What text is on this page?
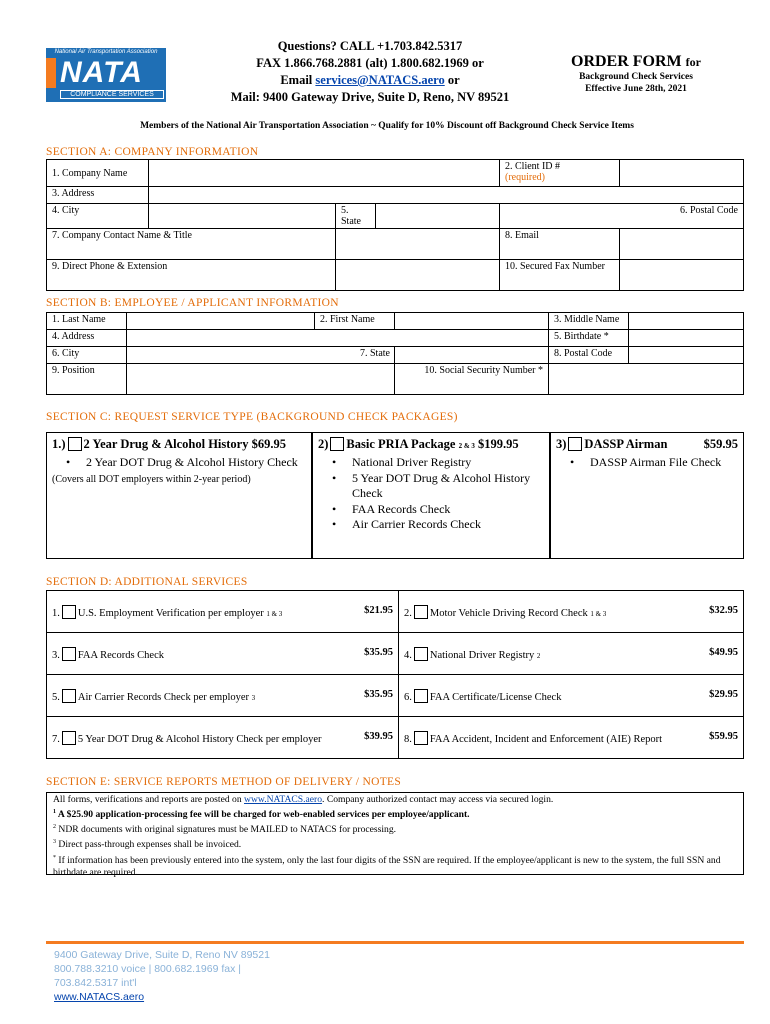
National Air Transportation Association
NATA
COMPLIANCE SERVICES
Questions? CALL +1.703.842.5317
FAX 1.866.768.2881 (alt) 1.800.682.1969 or
Email services@NATACS.aero or
Mail: 9400 Gateway Drive, Suite D, Reno, NV 89521
ORDER FORM for
Background Check Services
Effective June 28th, 2021
Members of the National Air Transportation Association ~ Qualify for 10% Discount off Background Check Service Items
SECTION A: COMPANY INFORMATION
1. Company Name				2. Client ID #
(required)	

3. Address					
4. City		5. State		6. Postal Code	
7. Company Contact Name & Title				8. Email	
9. Direct Phone & Extension				10. Secured Fax Number	
SECTION B: EMPLOYEE / APPLICANT INFORMATION
1. Last Name		2. First Name		3. Middle Name	
4. Address				5. Birthdate *	
6. City	7. State			8. Postal Code	
9. Position			10. Social Security Number *		
SECTION C: REQUEST SERVICE TYPE (BACKGROUND CHECK PACKAGES)
1.) 2 Year Drug & Alcohol History $69.95
• 2 Year DOT Drug & Alcohol History Check
(Covers all DOT employers within 2-year period)
2) Basic PRIA Package 2 & 3 $199.95
• National Driver Registry
• 5 Year DOT Drug & Alcohol History Check
• FAA Records Check
• Air Carrier Records Check
3) DASSP Airman	$59.95
• DASSP Airman File Check
SECTION D: ADDITIONAL SERVICES
1. U.S. Employment Verification per employer 1 & 3 $21.95	2. Motor Vehicle Driving Record Check 1 & 3 $32.95

3. FAA Records Check $35.95	4. National Driver Registry 2 $49.95

5. Air Carrier Records Check per employer 3 $35.95	6. FAA Certificate/License Check $29.95

7. 5 Year DOT Drug & Alcohol History Check per employer $39.95	8. FAA Accident, Incident and Enforcement (AIE) Report $59.95
SECTION E: SERVICE REPORTS METHOD OF DELIVERY / NOTES
All forms, verifications and reports are posted on www.NATACS.aero. Company authorized contact may access via secured login.
$^1$ A $25.90 application-processing fee will be charged for web-enabled services per employee/applicant.
$^2$ NDR documents with original signatures must be MAILED to NATACS for processing.
$^3$ Direct pass-through expenses shall be invoiced.
* If information has been previously entered into the system, only the last four digits of the SSN are required. If the employee/applicant is new to the system, the full SSN and birthdate are required.
9400 Gateway Drive, Suite D, Reno NV 89521
800.788.3210 voice | 800.682.1969 fax |
703.842.5317 int'l
www.NATACS.aero
